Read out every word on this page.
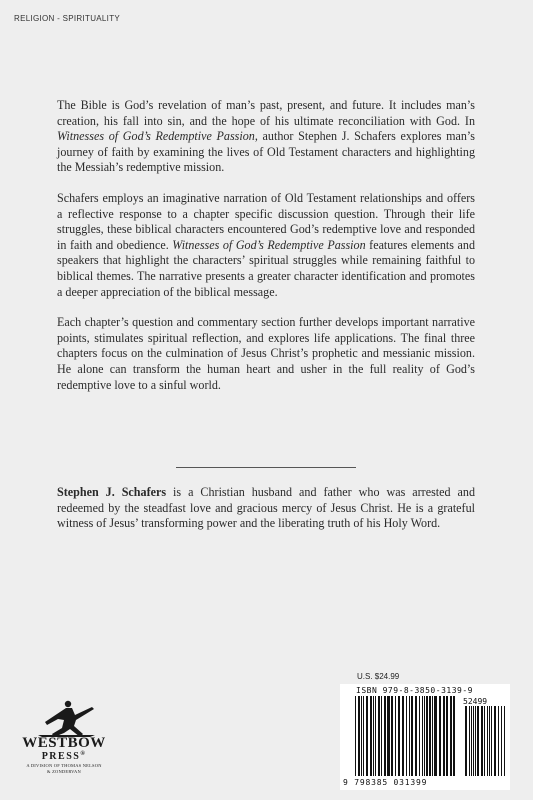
RELIGION - SPIRITUALITY

The Bible is God’s revelation of man’s past, present, and future. It includes man’s creation, his fall into sin, and the hope of his ultimate reconciliation with God. In Witnesses of God’s Redemptive Passion, author Stephen J. Schafers explores man’s journey of faith by examining the lives of Old Testament characters and highlighting the Messiah’s redemptive mission.

Schafers employs an imaginative narration of Old Testament relationships and offers a reflective response to a chapter specific discussion question. Through their life struggles, these biblical characters encountered God’s redemptive love and responded in faith and obedience. Witnesses of God’s Redemptive Passion features elements and speakers that highlight the characters’ spiritual struggles while remaining faithful to biblical themes. The narrative presents a greater character identification and promotes a deeper appreciation of the biblical message.

Each chapter’s question and commentary section further develops important narrative points, stimulates spiritual reflection, and explores life applications. The final three chapters focus on the culmination of Jesus Christ’s prophetic and messianic mission. He alone can transform the human heart and usher in the full reality of God’s redemptive love to a sinful world.

Stephen J. Schafers is a Christian husband and father who was arrested and redeemed by the steadfast love and gracious mercy of Jesus Christ. He is a grateful witness of Jesus’ transforming power and the liberating truth of his Holy Word.
WESTBOW
PRESS®
A DIVISION OF THOMAS NELSON
& ZONDERVAN
U.S. $24.99
ISBN 979-8-3850-3139-9
52499
9 798385 031399
